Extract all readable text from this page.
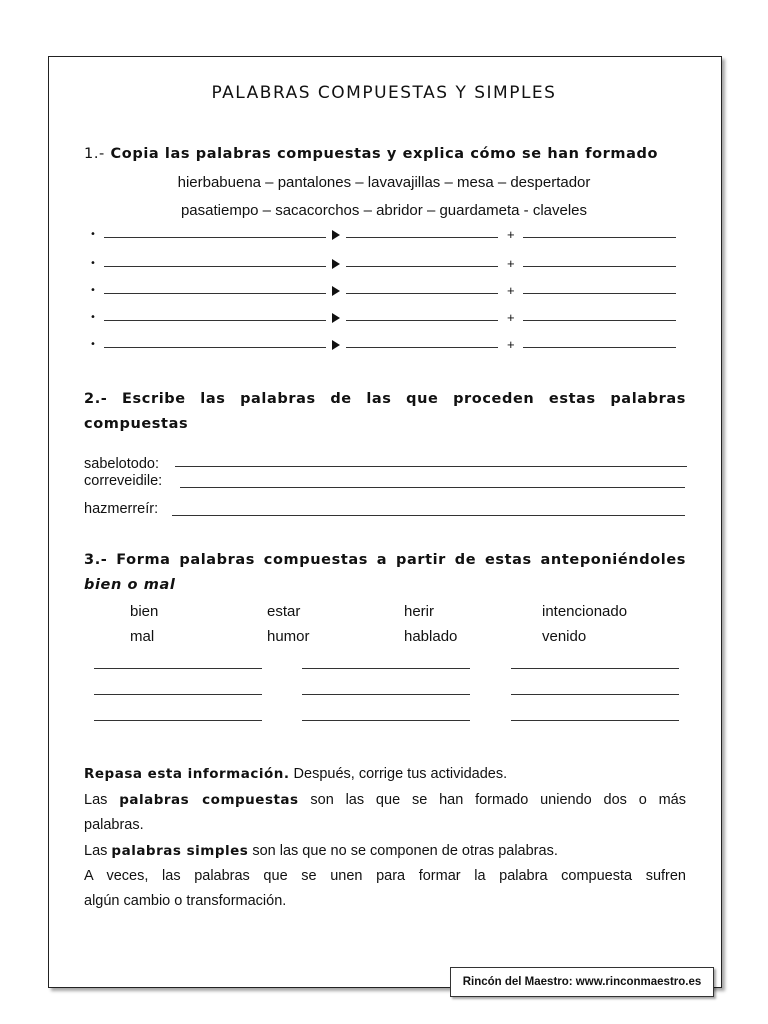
PALABRAS COMPUESTAS Y SIMPLES
1.- Copia las palabras compuestas y explica cómo se han formado
hierbabuena – pantalones – lavavajillas – mesa – despertador
pasatiempo – sacacorchos – abridor – guardameta - claveles
•	+
•	+
•	+
•	+
•	+
2.- Escribe las palabras de las que proceden estas palabras
compuestas
sabelotodo:
correveidile:
hazmerreír:
3.- Forma palabras compuestas a partir de estas anteponiéndoles
bien o mal
bien	estar	herir	intencionado
mal	humor	hablado	venido
Repasa esta información. Después, corrige tus actividades.
Las palabras compuestas son las que se han formado uniendo dos o más
palabras.
Las palabras simples son las que no se componen de otras palabras.
A veces, las palabras que se unen para formar la palabra compuesta sufren
algún cambio o transformación.
Rincón del Maestro: www.rinconmaestro.es
